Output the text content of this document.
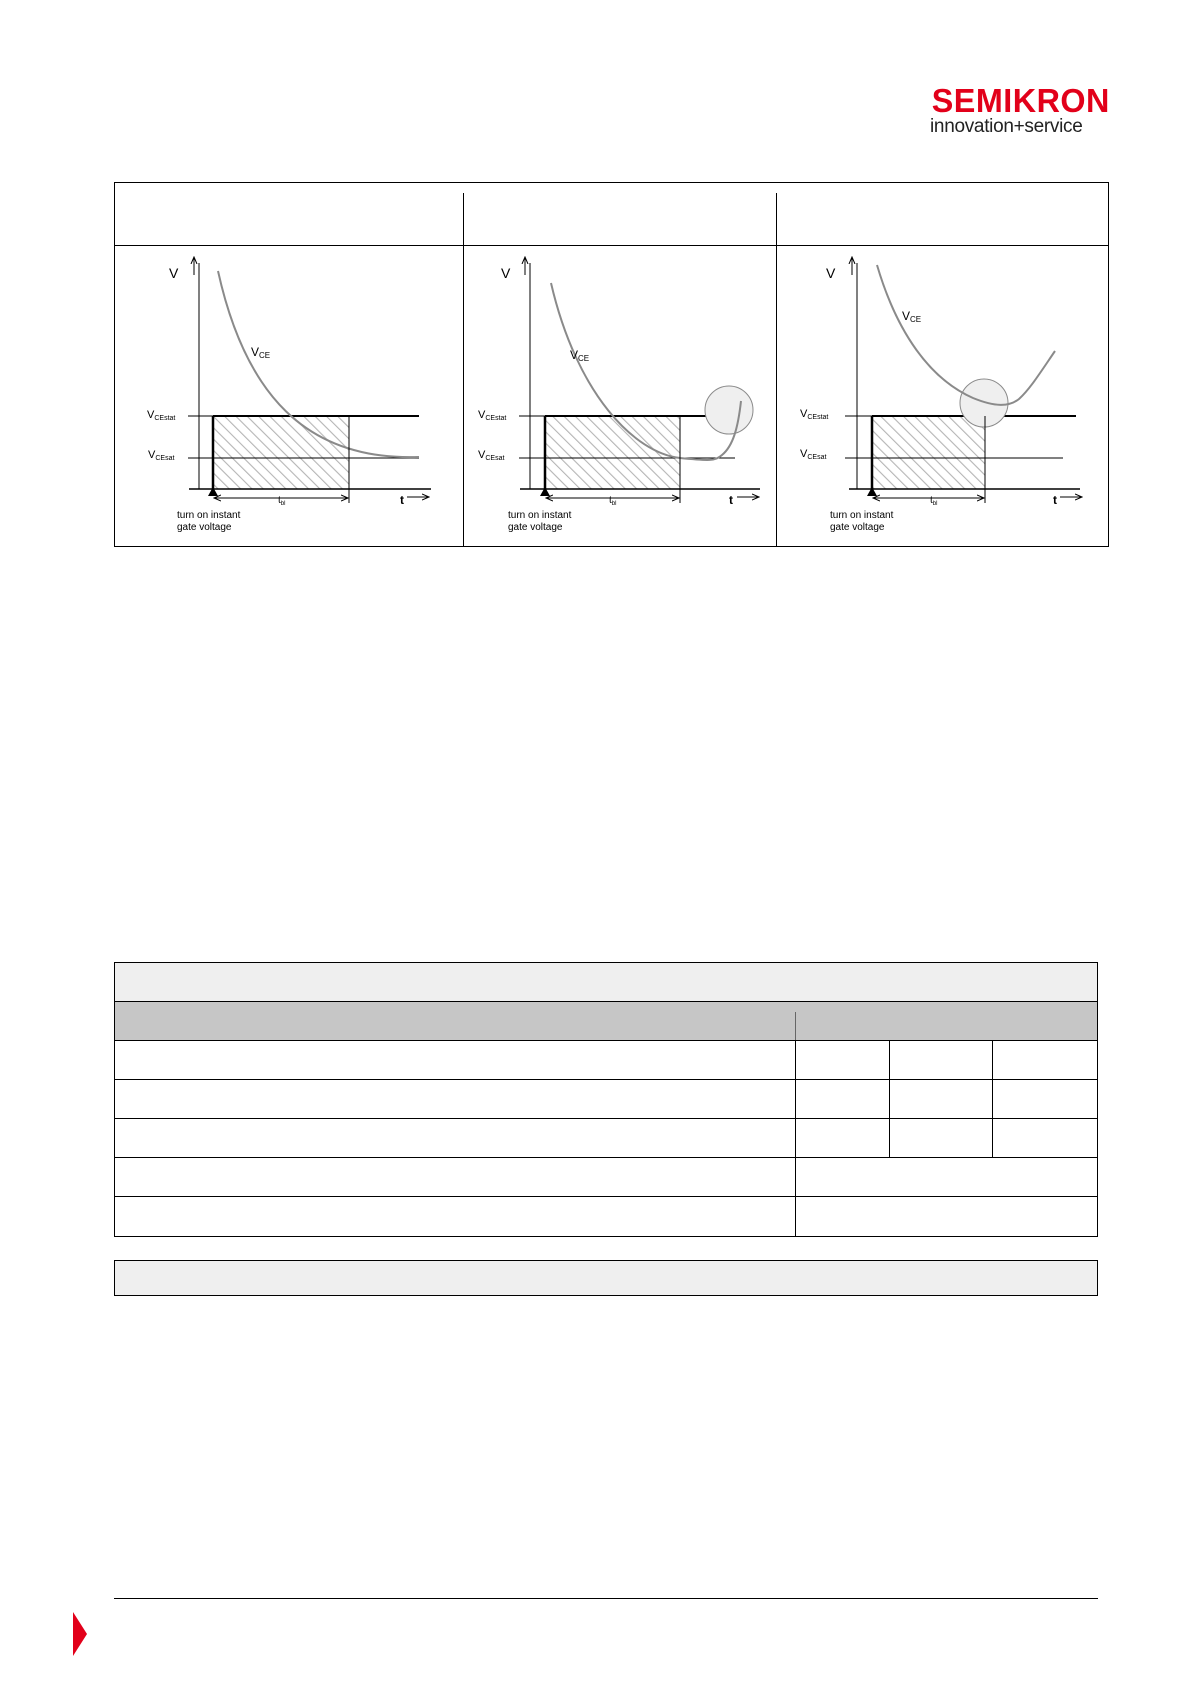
SEMIKRON
innovation+service
V
t
VCE
VCEstat
VCEsat
$t_{bl}$
turn on instant
gate voltage
V
t
VCE
VCEstat
VCEsat
$t_{bl}$
turn on instant
gate voltage
V
t
VCE
VCEstat
VCEsat
$t_{bl}$
turn on instant
gate voltage
